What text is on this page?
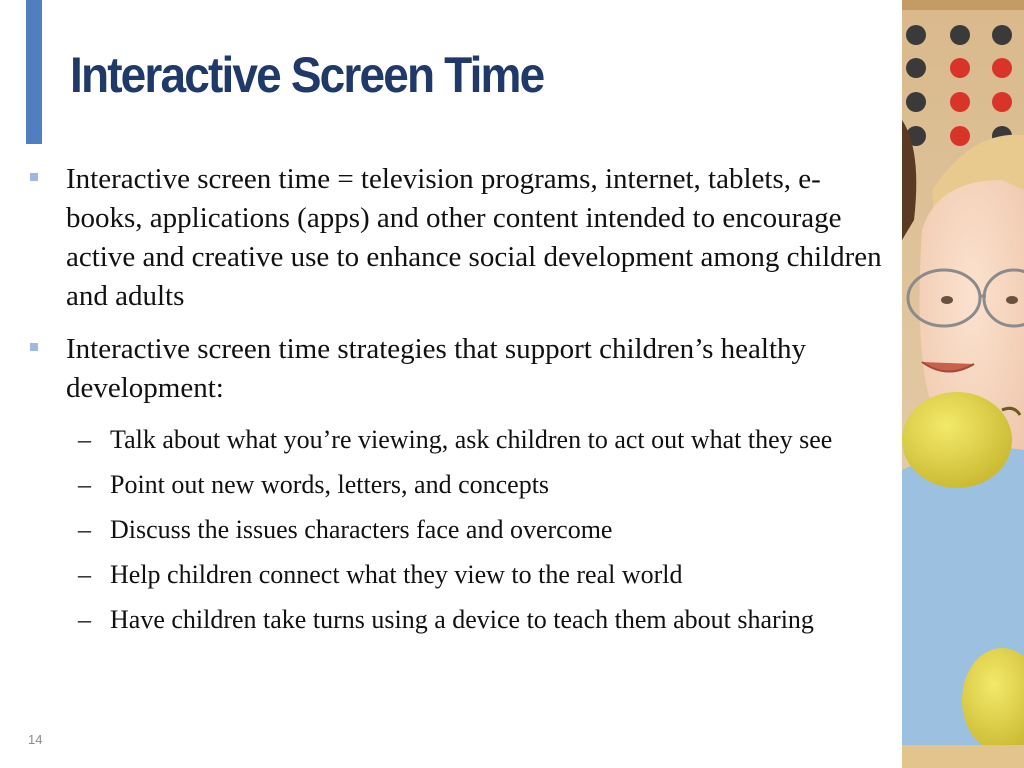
Interactive Screen Time
Interactive screen time = television programs, internet, tablets, e-books, applications (apps) and other content intended to encourage active and creative use to enhance social development among children and adults
Interactive screen time strategies that support children’s healthy development:
– Talk about what you’re viewing, ask children to act out what they see
– Point out new words, letters, and concepts
– Discuss the issues characters face and overcome
– Help children connect what they view to the real world
– Have children take turns using a device to teach them about sharing
14
